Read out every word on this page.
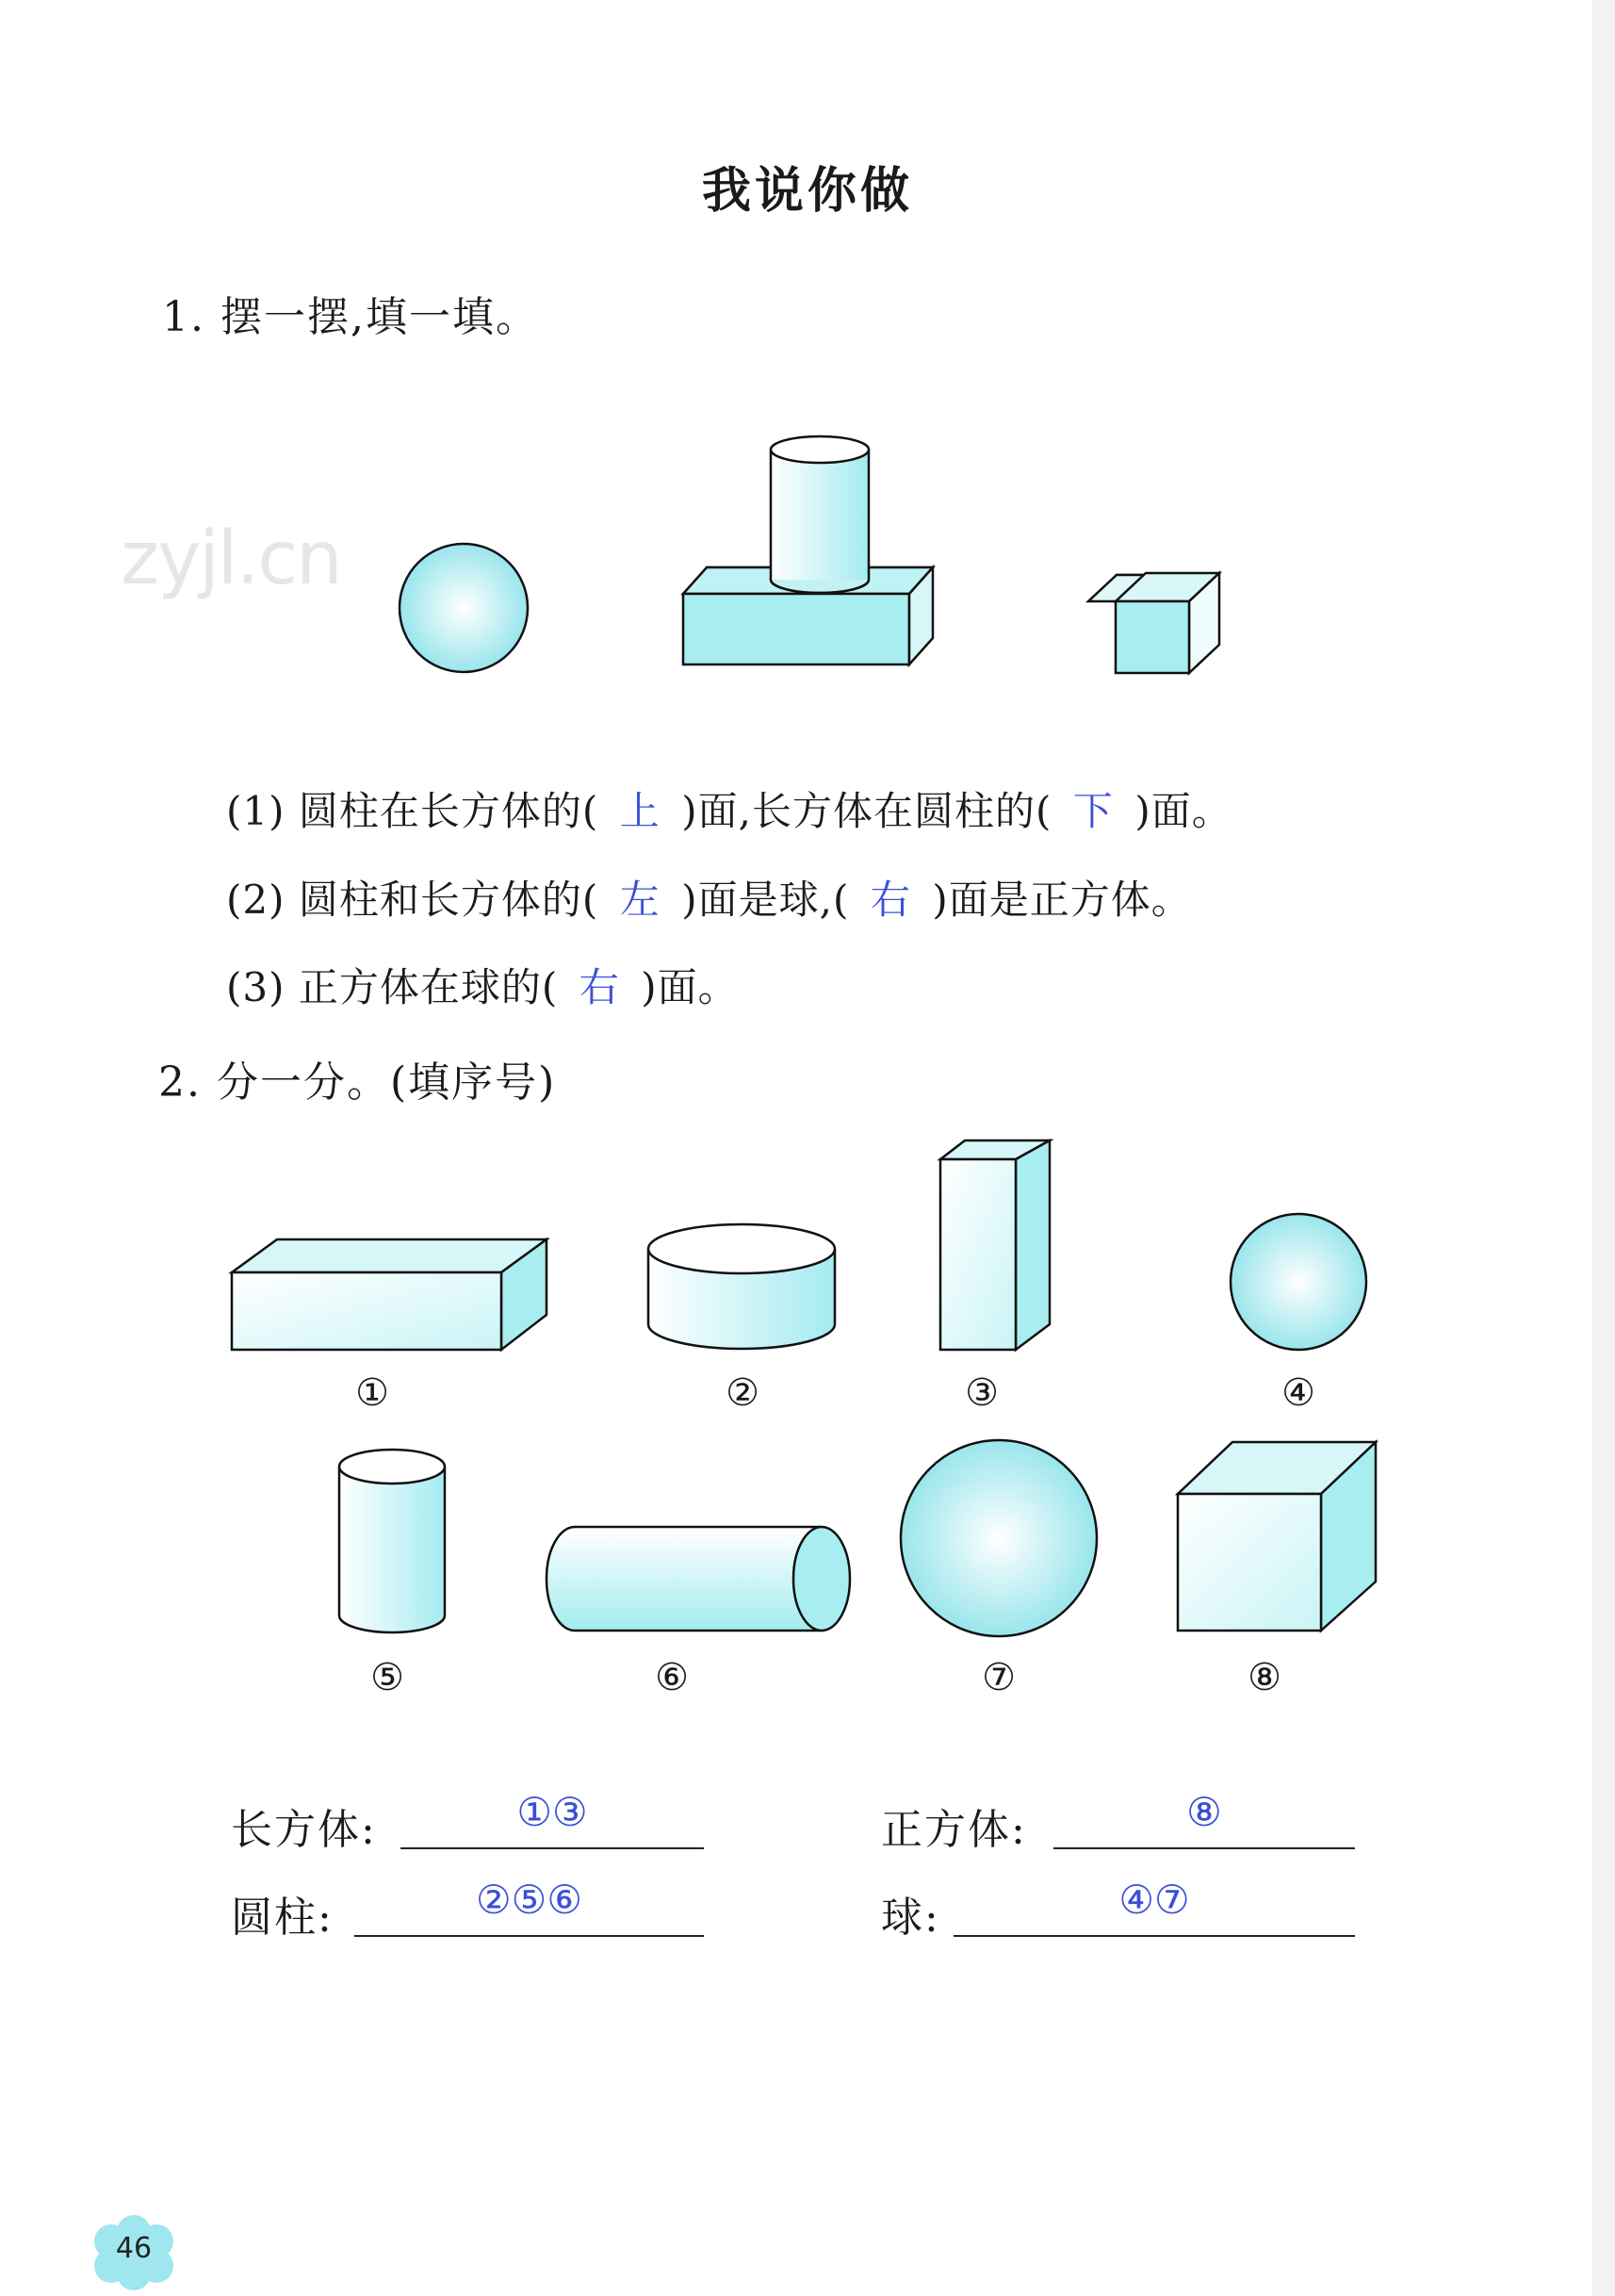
zyjl.cn
我说你做
1. 摆一摆,填一填。
(1) 圆柱在长方体的( 上 )面,长方体在圆柱的( 下 )面。
(2) 圆柱和长方体的( 左 )面是球,( 右 )面是正方体。
(3) 正方体在球的( 右 )面。
2. 分一分。(填序号)
①	②	③	④
⑤	⑥	⑦	⑧
长方体:	①③	正方体:	⑧
圆柱:	②⑤⑥	球:	④⑦
46
